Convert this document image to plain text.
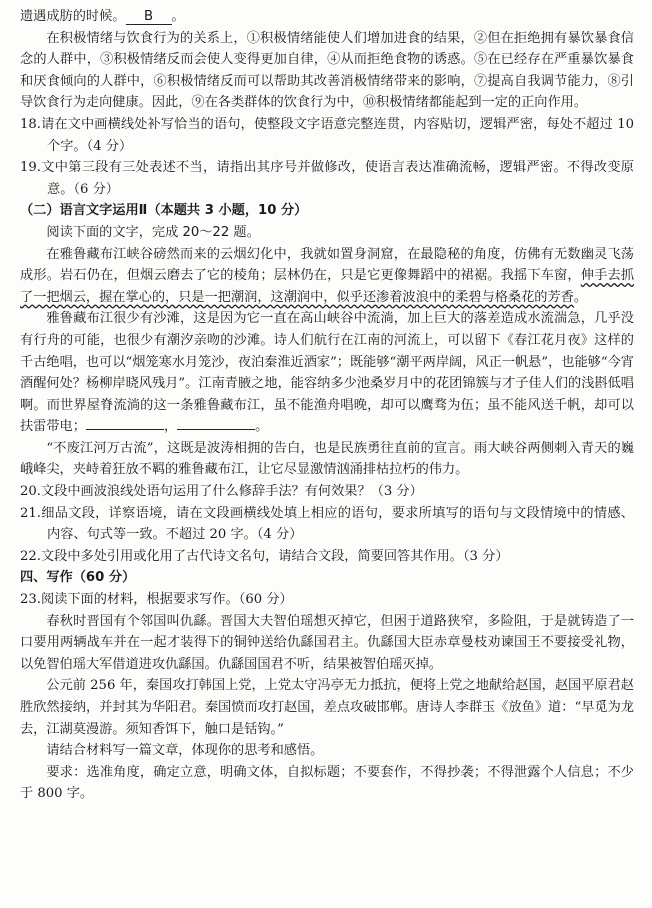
遗遇成肪的时候。 B 。

在积极情绪与饮食行为的关系上，①积极情绪能使人们增加进食的结果，②但在拒绝拥有暴饮暴食信念的人群中，③积极情绪反而会使人变得更加自律，④从而拒绝食物的诱惑。⑤在已经存在严重暴饮暴食和厌食倾向的人群中，⑥积极情绪反而可以帮助其改善消极情绪带来的影响，⑦提高自我调节能力，⑧引导饮食行为走向健康。因此，⑨在各类群体的饮食行为中，⑩积极情绪都能起到一定的正向作用。

18.请在文中画横线处补写恰当的语句，使整段文字语意完整连贯，内容贴切，逻辑严密，每处不超过 10 个字。（4 分）

19.文中第三段有三处表述不当，请指出其序号并做修改，使语言表达准确流畅，逻辑严密。不得改变原意。（6 分）

（二）语言文字运用Ⅱ（本题共 3 小题，10 分）

阅读下面的文字，完成 20～22 题。

在雅鲁藏布江峡谷磅然而来的云烟幻化中，我就如置身洞窟，在最隐秘的角度，仿佛有无数幽灵飞荡成形。岩石仍在，但烟云磨去了它的棱角；层林仍在，只是它更像舞蹈中的裙裾。我摇下车窗，伸手去抓了一把烟云，握在掌心的，只是一把潮润，这潮润中，似乎还渗着波浪中的柔碧与格桑花的芳香。

雅鲁藏布江很少有沙滩，这是因为它一直在高山峡谷中流淌，加上巨大的落差造成水流湍急，几乎没有行舟的可能，也很少有潮汐亲吻的沙滩。诗人们航行在江南的河流上，可以留下《春江花月夜》这样的千古绝唱，也可以“烟笼寒水月笼沙，夜泊秦淮近酒家”；既能够“潮平两岸阔，风正一帆悬”，也能够“今宵酒醒何处？杨柳岸晓风残月”。江南青腋之地，能容纳多少池桑岁月中的花团锦簇与才子佳人们的浅斟低唱啊。而世界屋脊流淌的这一条雅鲁藏布江，虽不能渔舟唱晚，却可以鹰骛为伍；虽不能风送千帆，却可以扶雷带电；	，	。

“不废江河万古流”，这既是波涛相拥的告白，也是民族勇往直前的宣言。雨大峡谷两侧刺入青天的巍峨峰尖，夹峙着狂放不羁的雅鲁藏布江，让它尽显激情汹涌排枯拉朽的伟力。

20.文段中画波浪线处语句运用了什么修辞手法？有何效果？（3 分）

21.细品文段，详察语境，请在文段画横线处填上相应的语句，要求所填写的语句与文段情境中的情感、内容、句式等一致。不超过 20 字。（4 分）

22.文段中多处引用或化用了古代诗文名句，请结合文段，简要回答其作用。（3 分）

四、写作（60 分）

23.阅读下面的材料，根据要求写作。（60 分）

春秋时晋国有个邻国叫仇繇。晋国大夫智伯瑶想灭掉它，但困于道路狭窄，多险阻，于是就铸造了一口要用两辆战车并在一起才装得下的铜钟送给仇繇国君主。仇繇国大臣赤章曼枝劝谏国王不要接受礼物，以免智伯瑶大军借道进攻仇繇国。仇繇国国君不听，结果被智伯瑶灭掉。

公元前 256 年，秦国攻打韩国上党，上党太守冯亭无力抵抗，便将上党之地献给赵国，赵国平原君赵胜欣然接纳，并封其为华阳君。秦国愤而攻打赵国，差点攻破邯郸。唐诗人李群玉《放鱼》道：“早觅为龙去，江湖莫漫游。须知香饵下，触口是铦钩。”

请结合材料写一篇文章，体现你的思考和感悟。

要求：选准角度，确定立意，明确文体，自拟标题；不要套作，不得抄袭；不得泄露个人信息；不少于 800 字。
